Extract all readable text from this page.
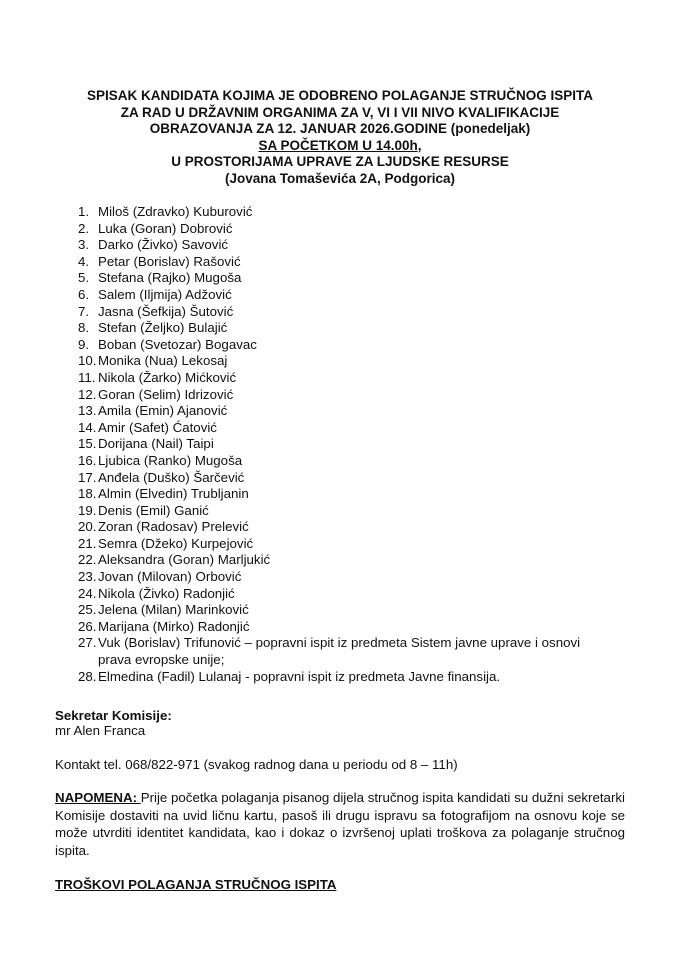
SPISAK KANDIDATA KOJIMA JE ODOBRENO POLAGANJE STRUČNOG ISPITA
ZA RAD U DRŽAVNIM ORGANIMA ZA V, VI I VII NIVO KVALIFIKACIJE
OBRAZOVANJA ZA 12. JANUAR 2026.GODINE (ponedeljak)
SA POČETKOM U 14.00h,
U PROSTORIJAMA UPRAVE ZA LJUDSKE RESURSE
(Jovana Tomaševića 2A, Podgorica)
1. Miloš (Zdravko) Kuburović
2. Luka (Goran) Dobrović
3. Darko (Živko) Savović
4. Petar (Borislav) Rašović
5. Stefana (Rajko) Mugoša
6. Salem (Iljmija) Adžović
7. Jasna (Šefkija) Šutović
8. Stefan (Željko) Bulajić
9. Boban (Svetozar) Bogavac
10. Monika (Nua) Lekosaj
11. Nikola (Žarko) Mićković
12. Goran (Selim) Idrizović
13. Amila (Emin) Ajanović
14. Amir (Safet) Ćatović
15. Dorijana (Nail) Taipi
16. Ljubica (Ranko) Mugoša
17. Anđela (Duško) Šarčević
18. Almin (Elvedin) Trubljanin
19. Denis (Emil) Ganić
20. Zoran (Radosav) Prelević
21. Semra (Džeko) Kurpejović
22. Aleksandra (Goran) Marljukić
23. Jovan (Milovan) Orbović
24. Nikola (Živko) Radonjić
25. Jelena (Milan) Marinković
26. Marijana (Mirko) Radonjić
27. Vuk (Borislav) Trifunović – popravni ispit iz predmeta Sistem javne uprave i osnovi prava evropske unije;
28. Elmedina (Fadil) Lulanaj - popravni ispit iz predmeta Javne finansija.
Sekretar Komisije:
mr Alen Franca
Kontakt tel. 068/822-971 (svakog radnog dana u periodu od 8 – 11h)
NAPOMENA: Prije početka polaganja pisanog dijela stručnog ispita kandidati su dužni sekretarki Komisije dostaviti na uvid ličnu kartu, pasoš ili drugu ispravu sa fotografijom na osnovu koje se može utvrditi identitet kandidata, kao i dokaz o izvršenoj uplati troškova za polaganje stručnog ispita.
TROŠKOVI POLAGANJA STRUČNOG ISPITA
